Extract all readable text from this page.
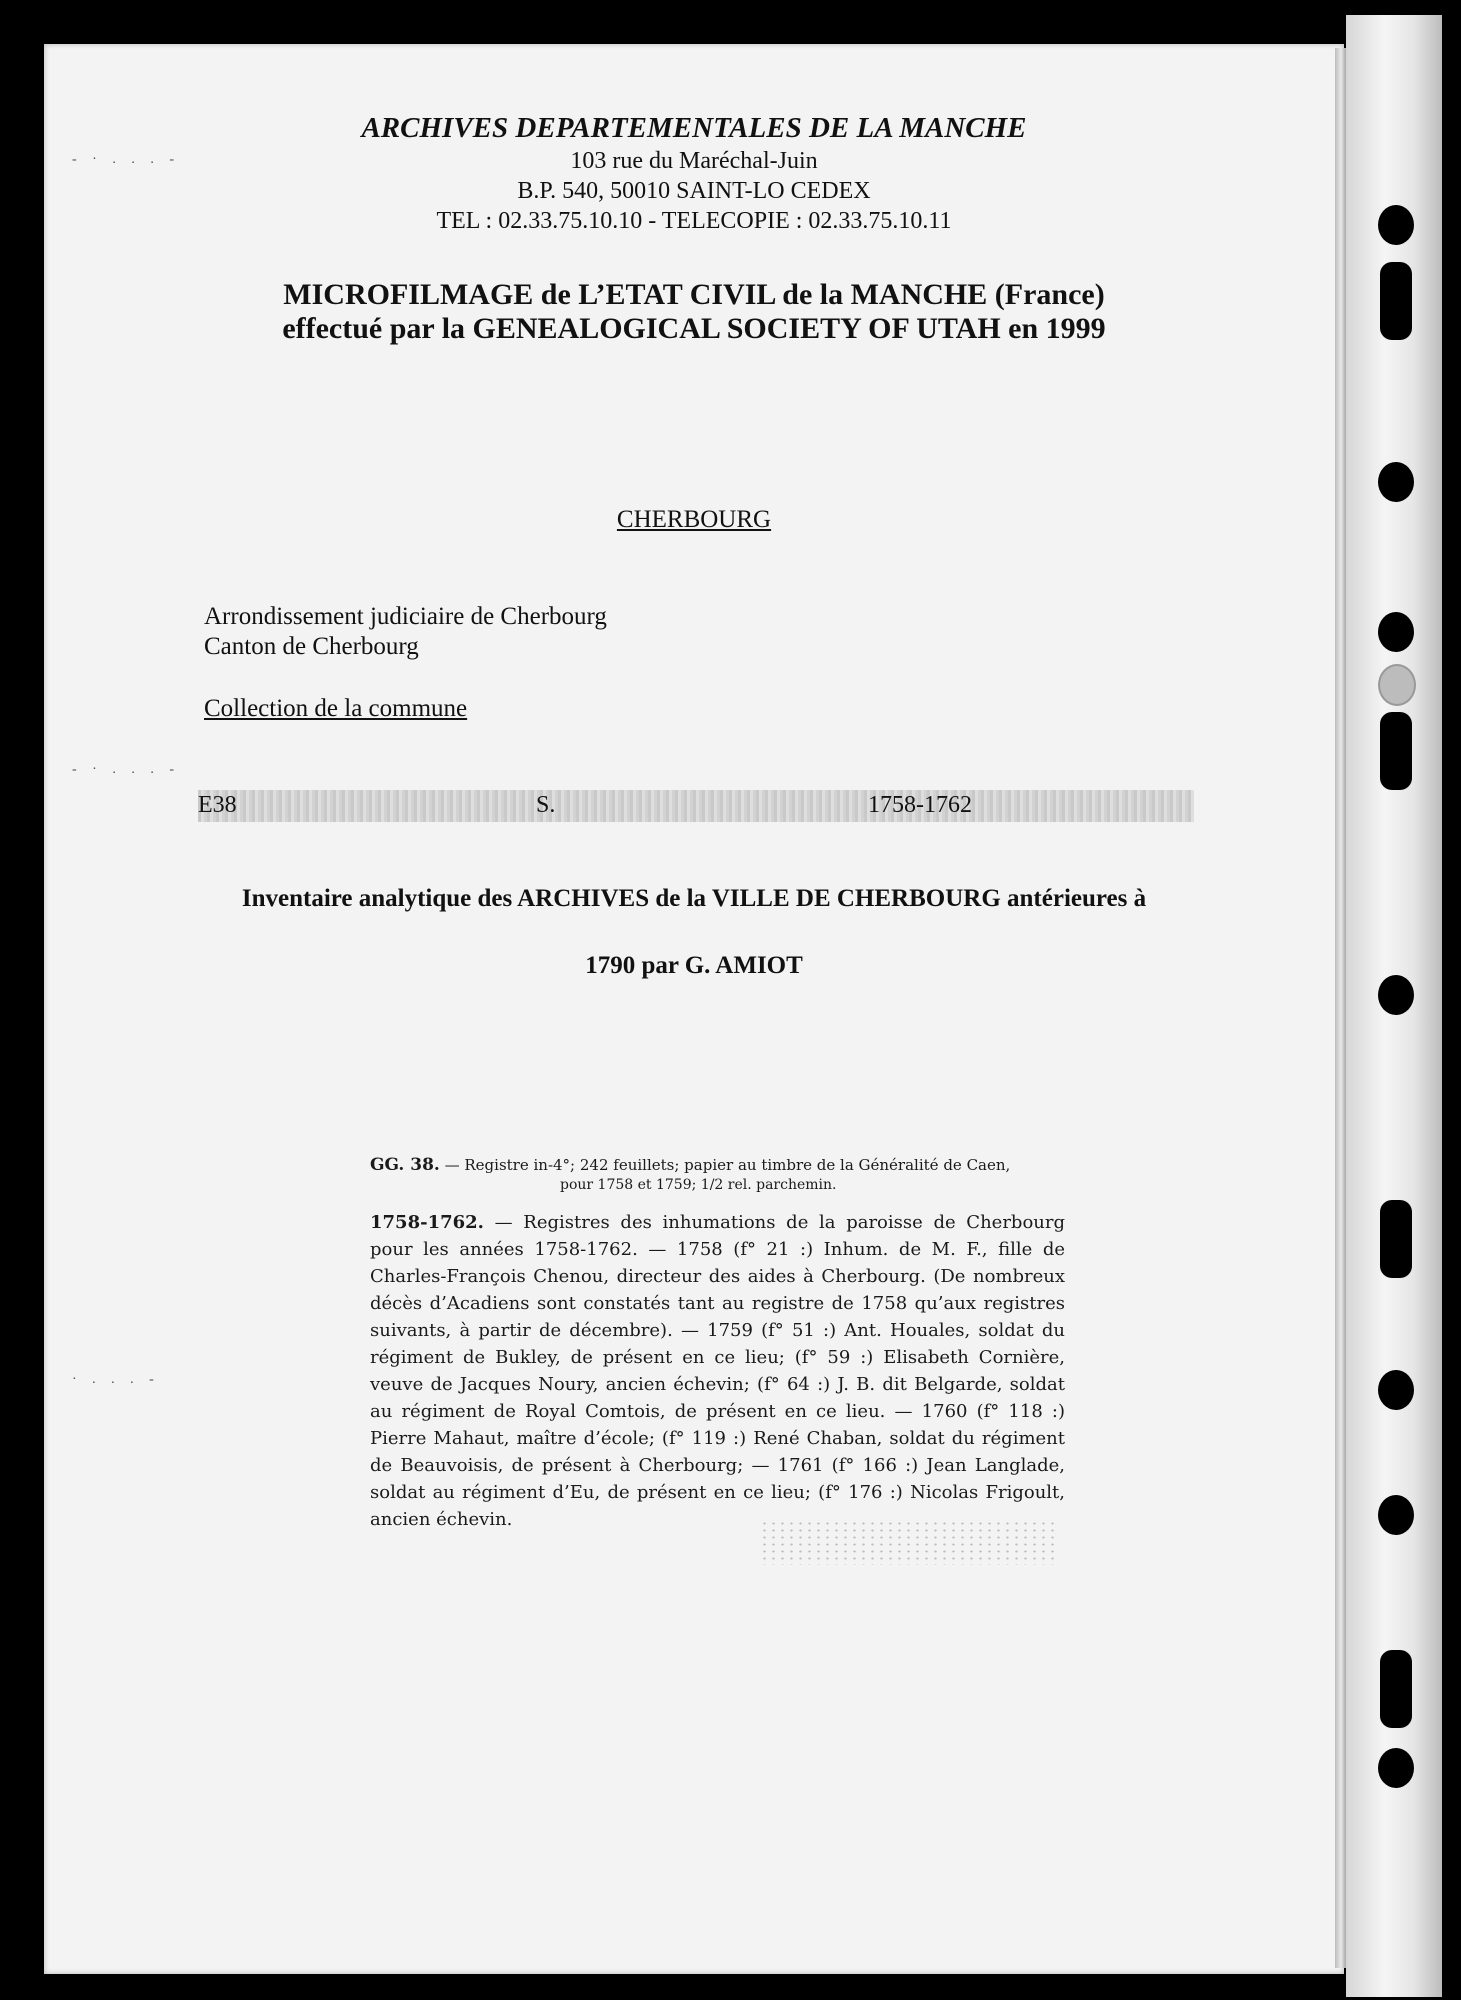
- · . . . -
- · . . . -
· . . . -
ARCHIVES DEPARTEMENTALES DE LA MANCHE
103 rue du Maréchal-Juin
B.P. 540, 50010 SAINT-LO CEDEX
TEL : 02.33.75.10.10 - TELECOPIE : 02.33.75.10.11
MICROFILMAGE de L’ETAT CIVIL de la MANCHE (France)
effectué par la GENEALOGICAL SOCIETY OF UTAH en 1999
CHERBOURG
Arrondissement judiciaire de Cherbourg
Canton de Cherbourg
Collection de la commune
E38	S.	1758-1762
Inventaire analytique des ARCHIVES de la VILLE DE CHERBOURG antérieures à
1790 par G. AMIOT

GG. 38. — Registre in-4°; 242 feuillets; papier au timbre de la Généralité de Caen,
pour 1758 et 1759; 1/2 rel. parchemin.

1758-1762. — Registres des inhumations de la paroisse de Cherbourg pour les années 1758-1762. — 1758 (f° 21 :) Inhum. de M. F., fille de Charles-François Chenou, directeur des aides à Cherbourg. (De nombreux décès d’Acadiens sont constatés tant au registre de 1758 qu’aux registres suivants, à partir de décembre). — 1759 (f° 51 :) Ant. Houales, soldat du régiment de Bukley, de présent en ce lieu; (f° 59 :) Elisabeth Cornière, veuve de Jacques Noury, ancien échevin; (f° 64 :) J. B. dit Belgarde, soldat au régiment de Royal Comtois, de présent en ce lieu. — 1760 (f° 118 :) Pierre Mahaut, maître d’école; (f° 119 :) René Chaban, soldat du régiment de Beauvoisis, de présent à Cherbourg; — 1761 (f° 166 :) Jean Langlade, soldat au régiment d’Eu, de présent en ce lieu; (f° 176 :) Nicolas Frigoult, ancien échevin.
